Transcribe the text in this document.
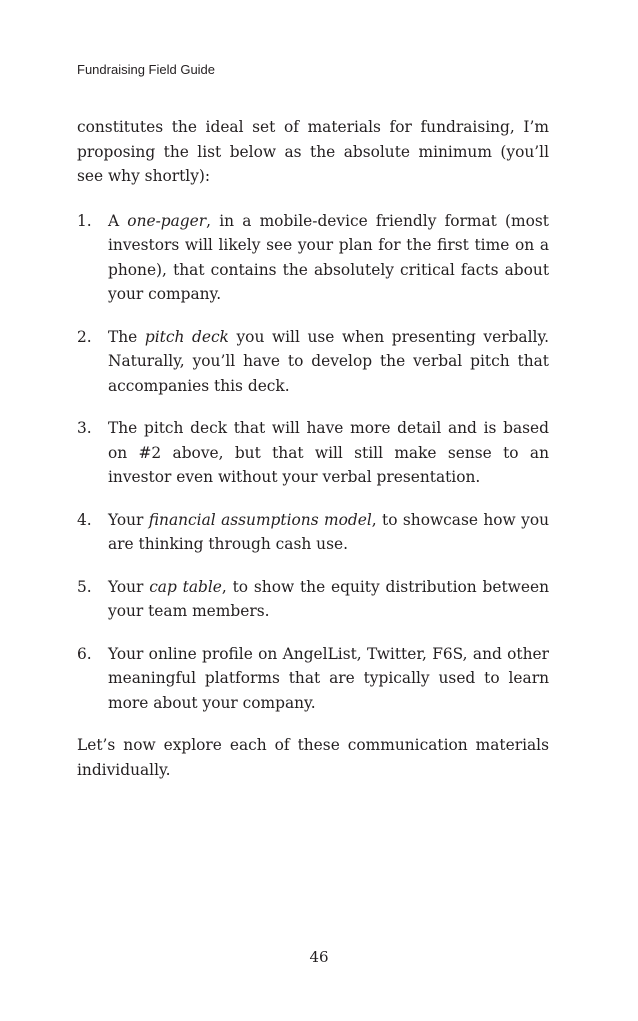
Fundraising Field Guide

constitutes the ideal set of materials for fundraising, I’m proposing the list below as the absolute minimum (you’ll see why shortly):

1. A one-pager, in a mobile-device friendly format (most investors will likely see your plan for the first time on a phone), that contains the absolutely critical facts about your company.
2. The pitch deck you will use when presenting verbally. Naturally, you’ll have to develop the verbal pitch that accompanies this deck.
3. The pitch deck that will have more detail and is based on #2 above, but that will still make sense to an investor even without your verbal presentation.
4. Your financial assumptions model, to showcase how you are thinking through cash use.
5. Your cap table, to show the equity distribution between your team members.
6. Your online profile on AngelList, Twitter, F6S, and other meaningful platforms that are typically used to learn more about your company.

Let’s now explore each of these communication materials individually.

46
